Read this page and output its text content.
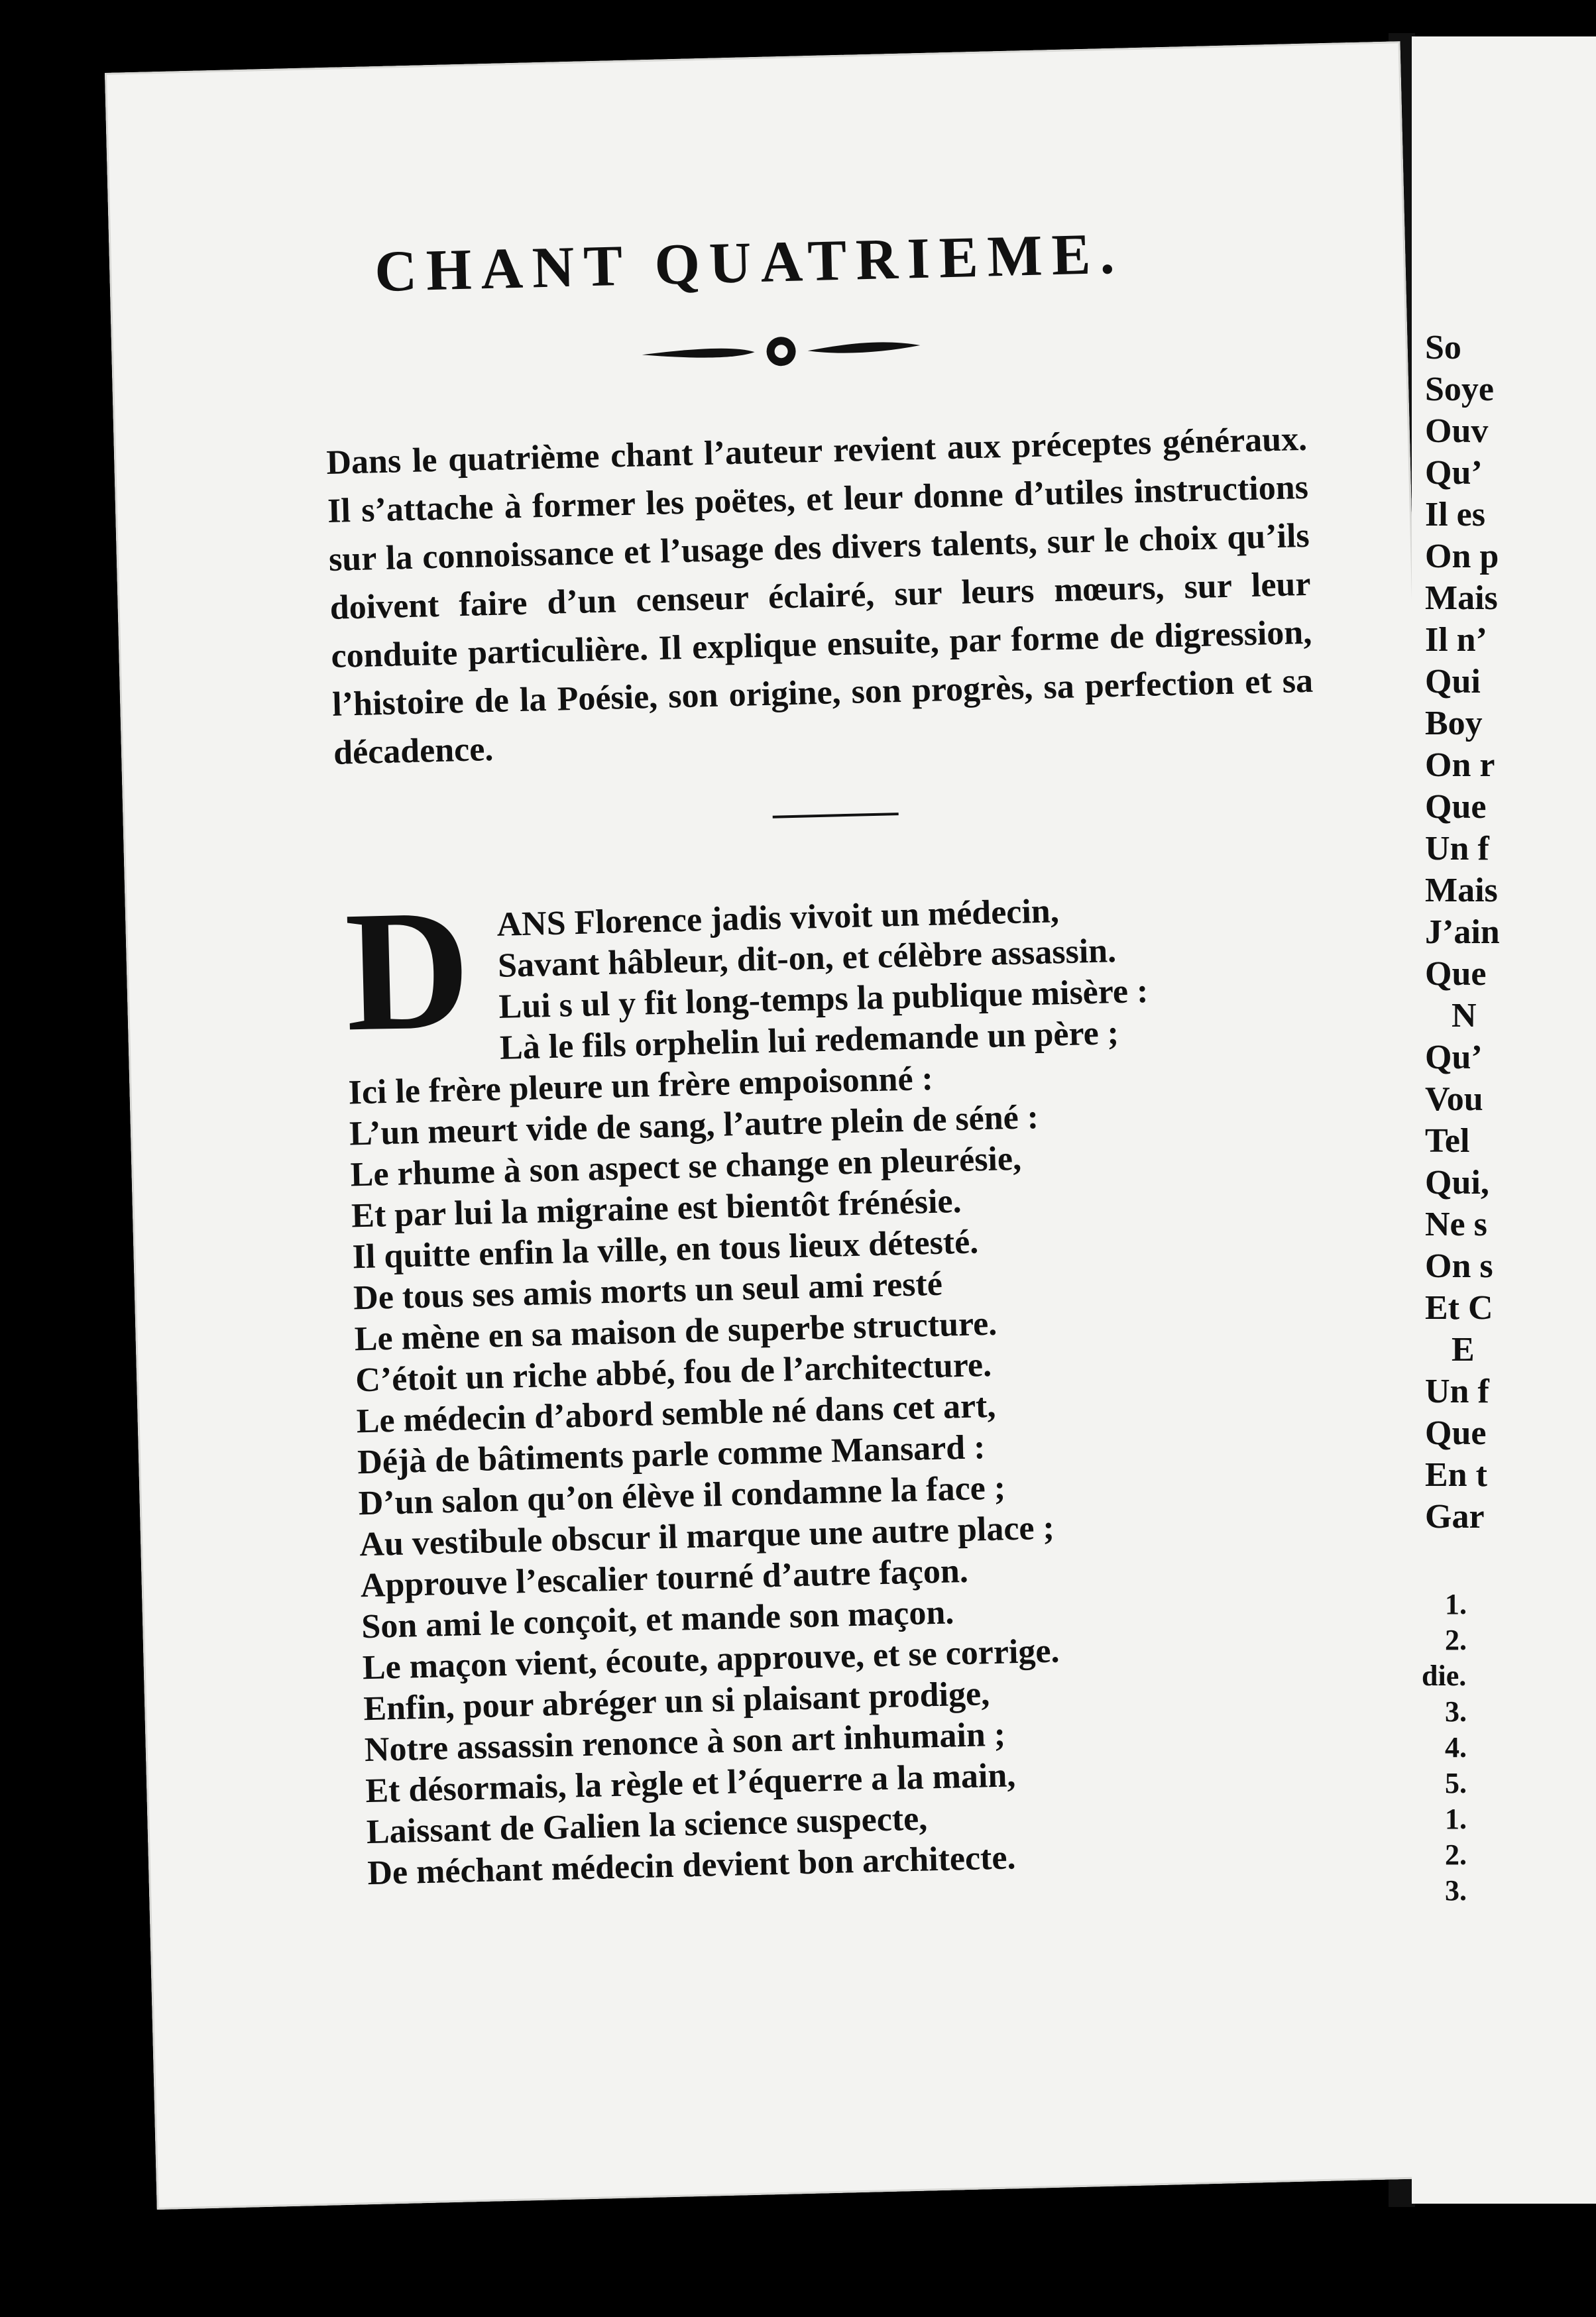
CHANT QUATRIEME.
Dans le quatrième chant l’auteur revient aux préceptes généraux. Il s’attache à former les poëtes, et leur donne d’utiles instructions sur la connoissance et l’usage des divers talents, sur le choix qu’ils doivent faire d’un censeur éclairé, sur leurs mœurs, sur leur conduite particulière. Il explique ensuite, par forme de digression, l’histoire de la Poésie, son origine, son progrès, sa perfection et sa décadence.
D ANS Florence jadis vivoit un médecin,
Savant hâbleur, dit-on, et célèbre assassin.
Lui s ul y fit long-temps la publique misère :
Là le fils orphelin lui redemande un père ;
Ici le frère pleure un frère empoisonné :
L’un meurt vide de sang, l’autre plein de séné :
Le rhume à son aspect se change en pleurésie,
Et par lui la migraine est bientôt frénésie.
Il quitte enfin la ville, en tous lieux détesté.
De tous ses amis morts un seul ami resté
Le mène en sa maison de superbe structure.
C’étoit un riche abbé, fou de l’architecture.
Le médecin d’abord semble né dans cet art,
Déjà de bâtiments parle comme Mansard :
D’un salon qu’on élève il condamne la face ;
Au vestibule obscur il marque une autre place ;
Approuve l’escalier tourné d’autre façon.
Son ami le conçoit, et mande son maçon.
Le maçon vient, écoute, approuve, et se corrige.
Enfin, pour abréger un si plaisant prodige,
Notre assassin renonce à son art inhumain ;
Et désormais, la règle et l’équerre a la main,
Laissant de Galien la science suspecte,
De méchant médecin devient bon architecte.
So
Soye
Ouv
Qu’
Il es
On p
Mais
Il n’
Qui
Boy
On r
Que
Un f
Mais
J’ain
Que
N
Qu’
Vou
Tel
Qui,
Ne s
On s
Et C
E
Un f
Que
En t
Gar
1.
2.
die.
3.
4.
5.
1.
2.
3.
